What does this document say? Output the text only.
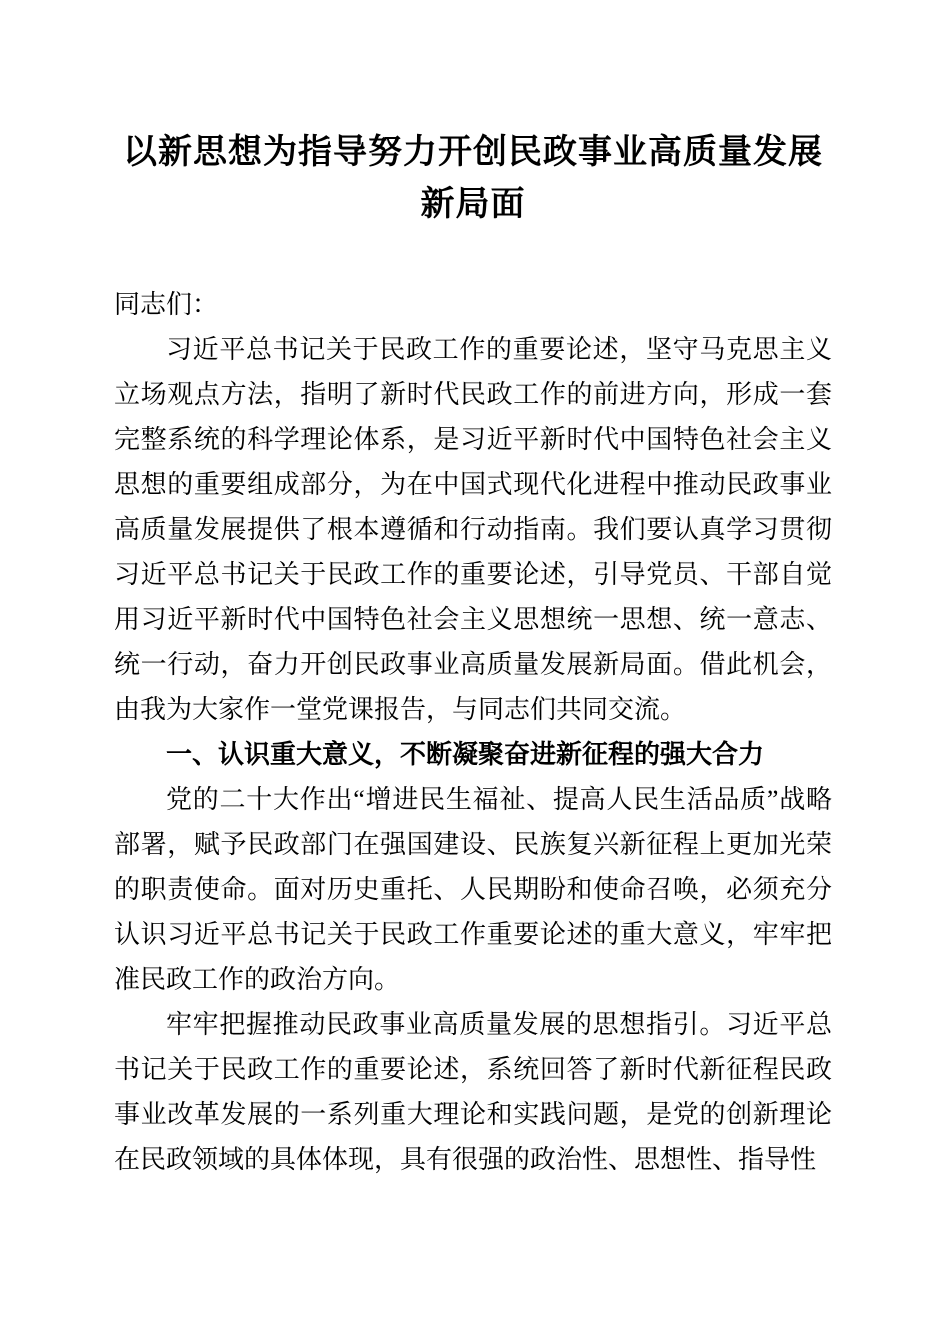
以新思想为指导努力开创民政事业高质量发展新局面

同志们：

习近平总书记关于民政工作的重要论述，坚守马克思主义立场观点方法，指明了新时代民政工作的前进方向，形成一套完整系统的科学理论体系，是习近平新时代中国特色社会主义思想的重要组成部分，为在中国式现代化进程中推动民政事业高质量发展提供了根本遵循和行动指南。我们要认真学习贯彻习近平总书记关于民政工作的重要论述，引导党员、干部自觉用习近平新时代中国特色社会主义思想统一思想、统一意志、统一行动，奋力开创民政事业高质量发展新局面。借此机会，由我为大家作一堂党课报告，与同志们共同交流。

一、认识重大意义，不断凝聚奋进新征程的强大合力

党的二十大作出“增进民生福祉、提高人民生活品质”战略部署，赋予民政部门在强国建设、民族复兴新征程上更加光荣的职责使命。面对历史重托、人民期盼和使命召唤，必须充分认识习近平总书记关于民政工作重要论述的重大意义，牢牢把准民政工作的政治方向。

牢牢把握推动民政事业高质量发展的思想指引。习近平总书记关于民政工作的重要论述，系统回答了新时代新征程民政事业改革发展的一系列重大理论和实践问题，是党的创新理论在民政领域的具体体现，具有很强的政治性、思想性、指导性
